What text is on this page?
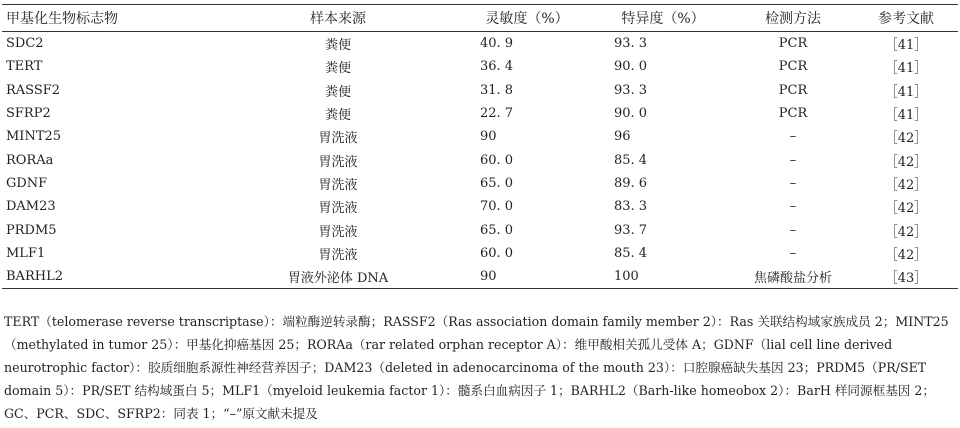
甲基化生物标志物	样本来源	灵敏度（%）	特异度（%）	检测方法	参考文献
SDC2	粪便	40. 9	93. 3	PCR	［41］
TERT	粪便	36. 4	90. 0	PCR	［41］
RASSF2	粪便	31. 8	93. 3	PCR	［41］
SFRP2	粪便	22. 7	90. 0	PCR	［41］
MINT25	胃洗液	90	96	–	［42］
RORAa	胃洗液	60. 0	85. 4	–	［42］
GDNF	胃洗液	65. 0	89. 6	–	［42］
DAM23	胃洗液	70. 0	83. 3	–	［42］
PRDM5	胃洗液	65. 0	93. 7	–	［42］
MLF1	胃洗液	60. 0	85. 4	–	［42］
BARHL2	胃液外泌体 DNA	90	100	焦磷酸盐分析	［43］
TERT（telomerase reverse transcriptase）：端粒酶逆转录酶；RASSF2（Ras association domain family member 2）：Ras 关联结构域家族成员 2；MINT25（methylated in tumor 25）：甲基化抑癌基因 25；RORAa（rar related orphan receptor A）：维甲酸相关孤儿受体 A；GDNF（lial cell line derived neurotrophic factor）：胶质细胞系源性神经营养因子；DAM23（deleted in adenocarcinoma of the mouth 23）：口腔腺癌缺失基因 23；PRDM5（PR/SET domain 5）：PR/SET 结构域蛋白 5；MLF1（myeloid leukemia factor 1）：髓系白血病因子 1；BARHL2（Barh-like homeobox 2）：BarH 样同源框基因 2；GC、PCR、SDC、SFRP2：同表 1；“–”原文献未提及
